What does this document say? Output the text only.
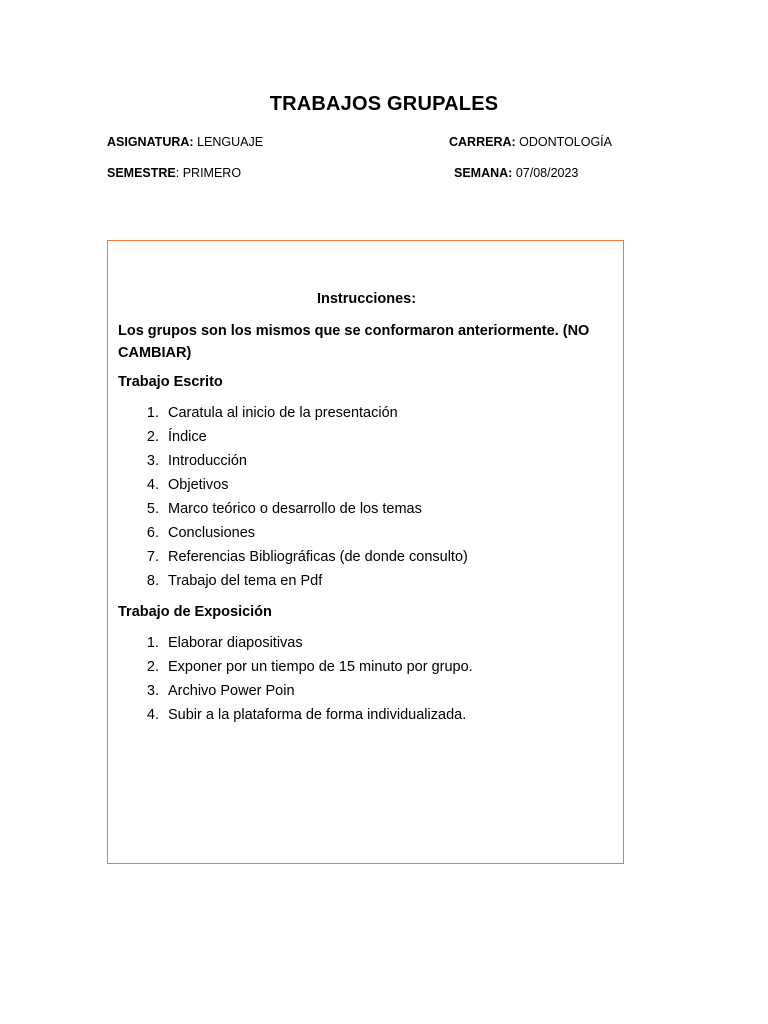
TRABAJOS GRUPALES
ASIGNATURA: LENGUAJE	CARRERA: ODONTOLOGÍA
SEMESTRE: PRIMERO	SEMANA: 07/08/2023
Instrucciones:
Los grupos son los mismos que se conformaron anteriormente. (NO CAMBIAR)
Trabajo Escrito
1. Caratula al inicio de la presentación
2. Índice
3. Introducción
4. Objetivos
5. Marco teórico o desarrollo de los temas
6. Conclusiones
7. Referencias Bibliográficas (de donde consulto)
8. Trabajo del tema en Pdf
Trabajo de Exposición
1. Elaborar diapositivas
2. Exponer por un tiempo de 15 minuto por grupo.
3. Archivo Power Poin
4. Subir a la plataforma de forma individualizada.
